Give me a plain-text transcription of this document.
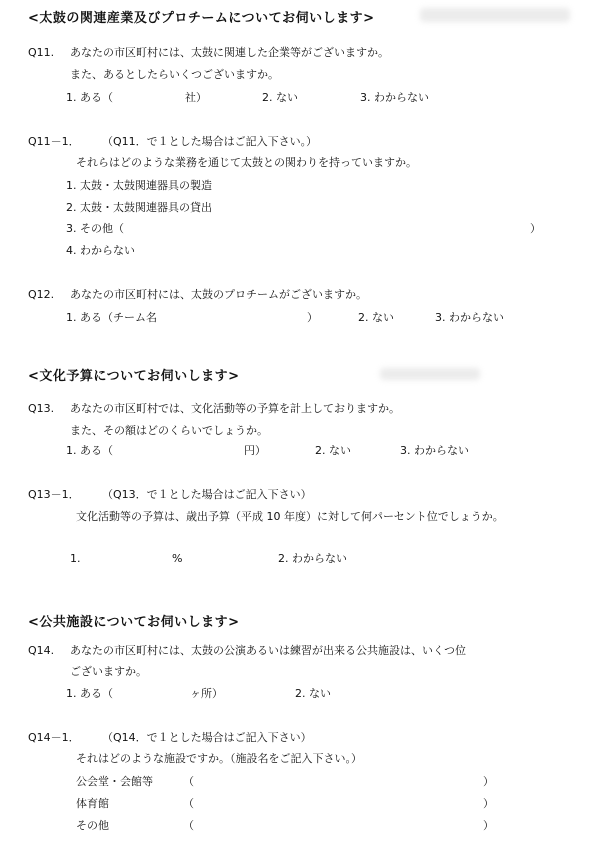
<太鼓の関連産業及びプロチームについてお伺いします>
Q11. あなたの市区町村には、太鼓に関連した企業等がございますか。
また、あるとしたらいくつございますか。
1. ある（	社）	2. ない	3. わからない
Q11－1． （Q11．で１とした場合はご記入下さい。）
それらはどのような業務を通じて太鼓との関わりを持っていますか。
1. 太鼓・太鼓関連器具の製造
2. 太鼓・太鼓関連器具の貸出
3. その他（	）
4. わからない
Q12. あなたの市区町村には、太鼓のプロチームがございますか。
1. ある（チーム名	）	2. ない	3. わからない
<文化予算についてお伺いします>
Q13. あなたの市区町村では、文化活動等の予算を計上しておりますか。
また、その額はどのくらいでしょうか。
1. ある（	円）	2. ない	3. わからない
Q13－1． （Q13．で１とした場合はご記入下さい）
文化活動等の予算は、歳出予算（平成 10 年度）に対して何パーセント位でしょうか。
1.	%	2. わからない
<公共施設についてお伺いします>
Q14. あなたの市区町村には、太鼓の公演あるいは練習が出来る公共施設は、いくつ位
ございますか。
1. ある（	ヶ所）	2. ない
Q14－1． （Q14．で１とした場合はご記入下さい）
それはどのような施設ですか。（施設名をご記入下さい。）
公会堂・会館等	（	）
体育館	（	）
その他	（	）
